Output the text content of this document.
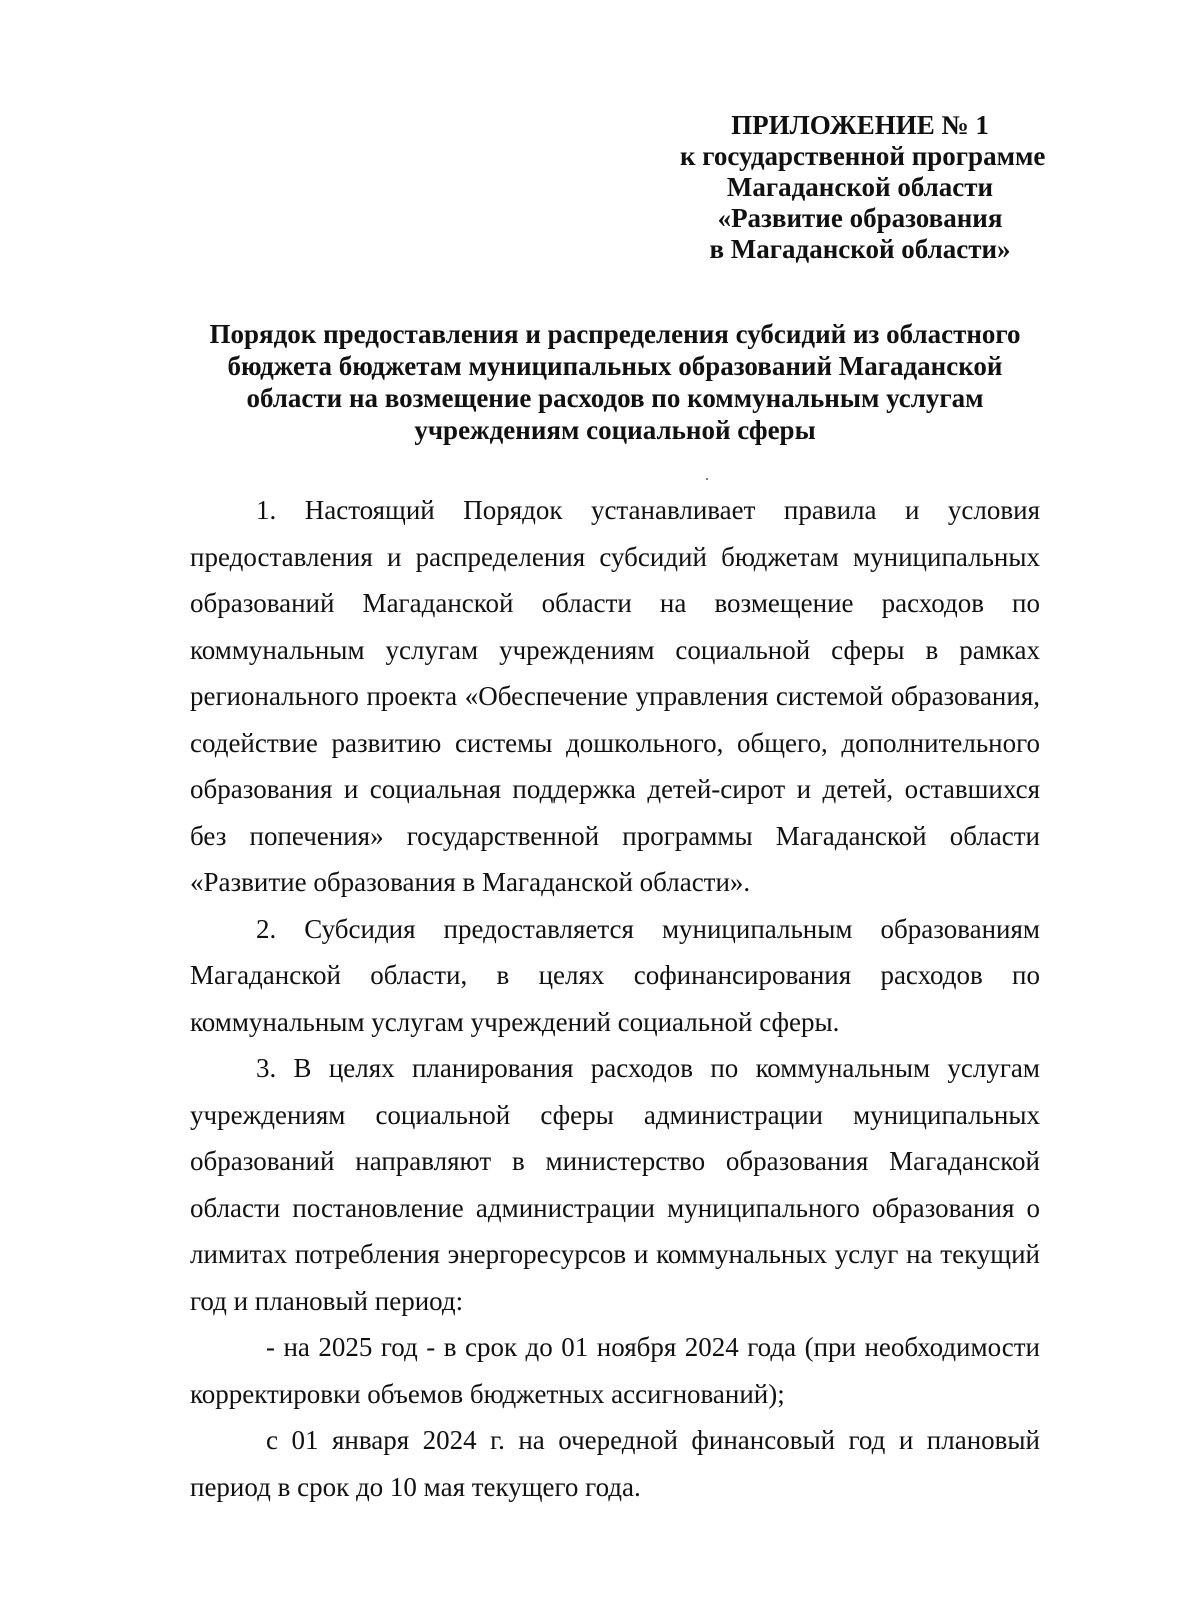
ПРИЛОЖЕНИЕ № 1
к государственной программе
Магаданской области
«Развитие образования
в Магаданской области»
Порядок предоставления и распределения субсидий из областного
бюджета бюджетам муниципальных образований Магаданской
области на возмещение расходов по коммунальным услугам
учреждениям социальной сферы

1. Настоящий Порядок устанавливает правила и условия предоставления и распределения субсидий бюджетам муниципальных образований Магаданской области на возмещение расходов по коммунальным услугам учреждениям социальной сферы в рамках регионального проекта «Обеспечение управления системой образования, содействие развитию системы дошкольного, общего, дополнительного образования и социальная поддержка детей-сирот и детей, оставшихся без попечения» государственной программы Магаданской области «Развитие образования в Магаданской области».

2. Субсидия предоставляется муниципальным образованиям Магаданской области, в целях софинансирования расходов по коммунальным услугам учреждений социальной сферы.

3. В целях планирования расходов по коммунальным услугам учреждениям социальной сферы администрации муниципальных образований направляют в министерство образования Магаданской области постановление администрации муниципального образования о лимитах потребления энергоресурсов и коммунальных услуг на текущий год и плановый период:

- на 2025 год - в срок до 01 ноября 2024 года (при необходимости корректировки объемов бюджетных ассигнований);

с 01 января 2024 г. на очередной финансовый год и плановый период в срок до 10 мая текущего года.
